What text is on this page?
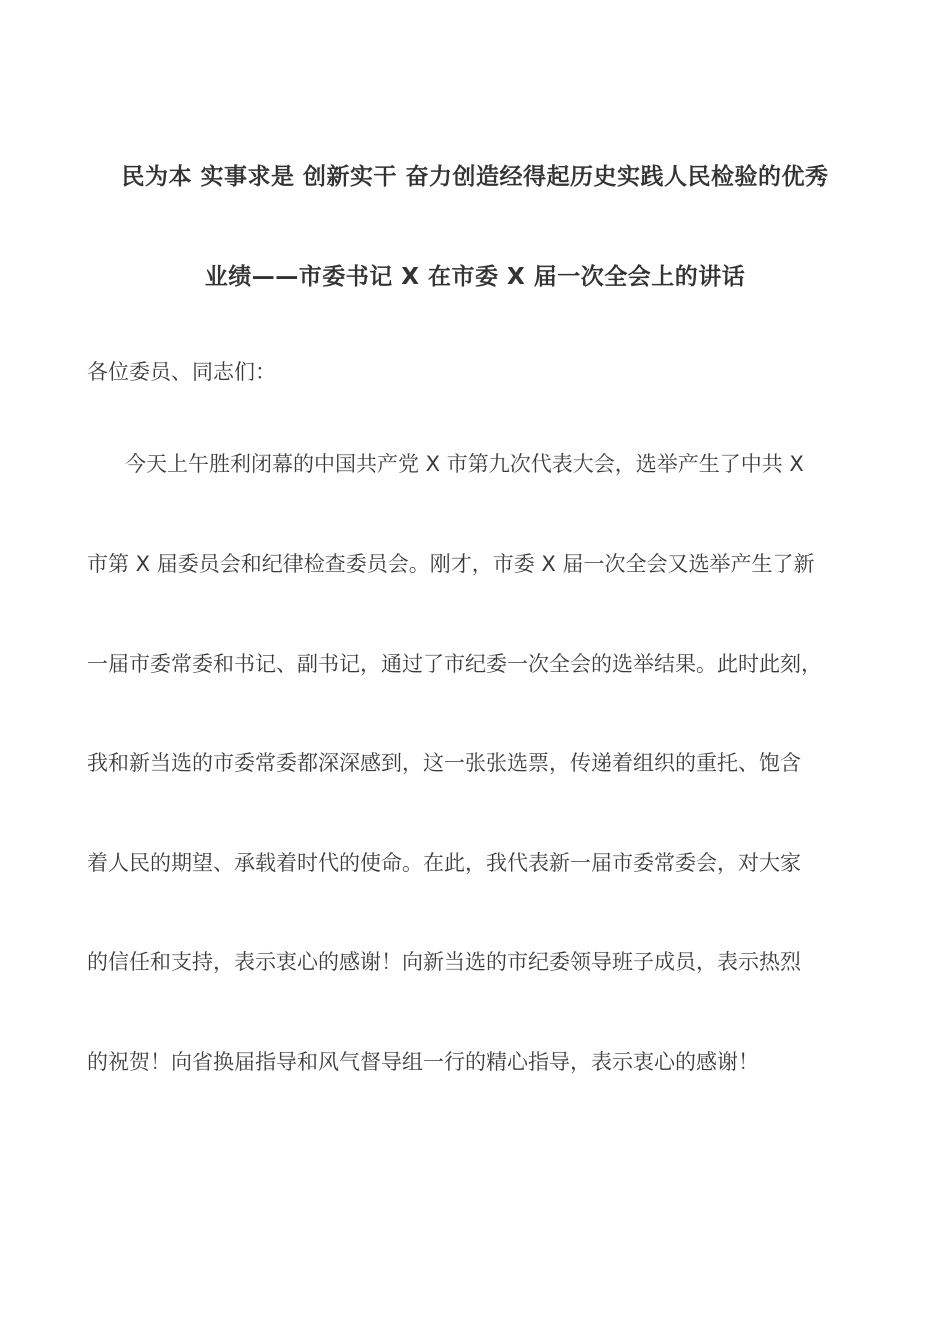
民为本 实事求是 创新实干 奋力创造经得起历史实践人民检验的优秀
业绩——市委书记 X 在市委 X 届一次全会上的讲话
各位委员、同志们：
今天上午胜利闭幕的中国共产党 X 市第九次代表大会，选举产生了中共 X
市第 X 届委员会和纪律检查委员会。刚才，市委 X 届一次全会又选举产生了新
一届市委常委和书记、副书记，通过了市纪委一次全会的选举结果。此时此刻，
我和新当选的市委常委都深深感到，这一张张选票，传递着组织的重托、饱含
着人民的期望、承载着时代的使命。在此，我代表新一届市委常委会，对大家
的信任和支持，表示衷心的感谢！向新当选的市纪委领导班子成员，表示热烈
的祝贺！向省换届指导和风气督导组一行的精心指导，表示衷心的感谢！
